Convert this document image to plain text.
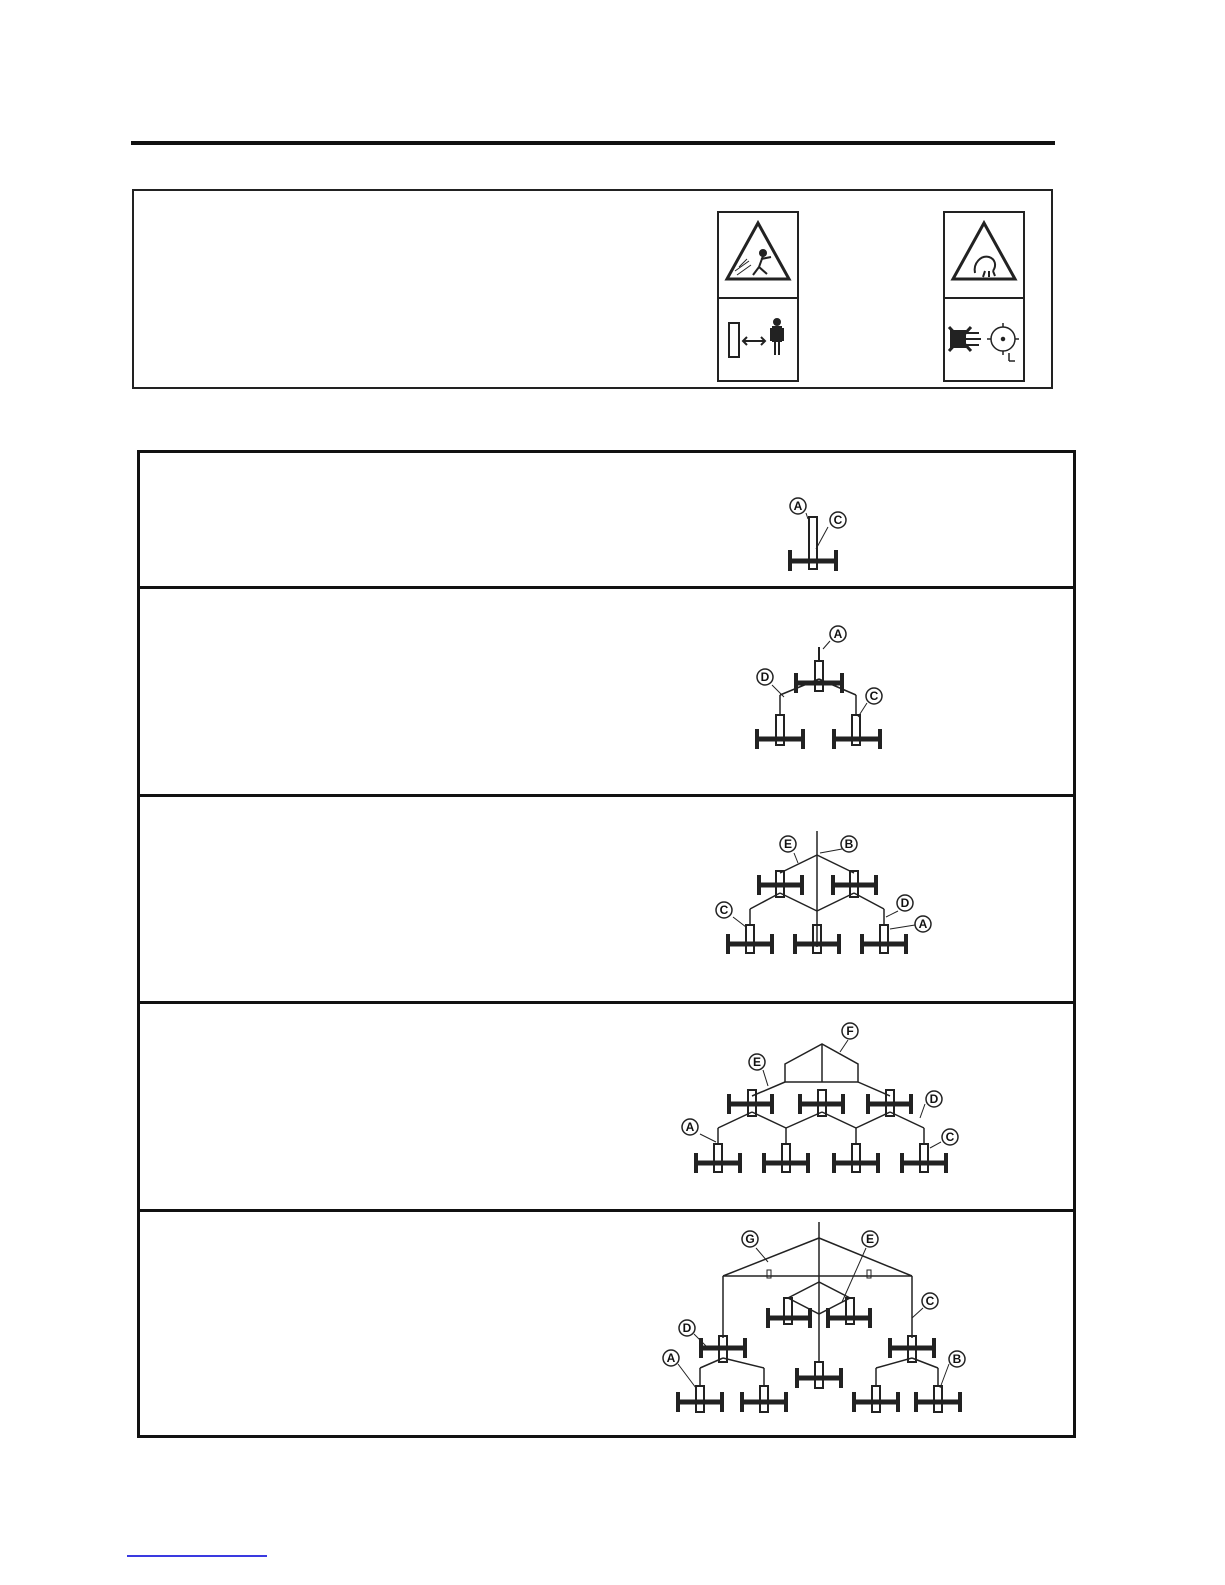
A
C
A
D
C
E	B
C	D
A
F
E
D
A
C
G	E
C
D
A	B
